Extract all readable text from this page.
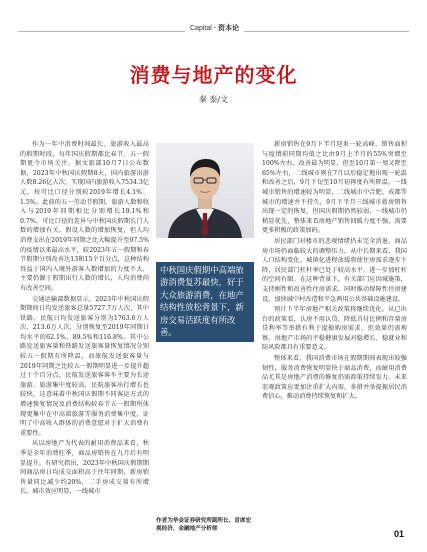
Capital · 资本论
消费与地产的变化
秦 泰/文

作为一年中消费时间最长、旅游收入最高的假期时段，每年国庆假期都比春节、五一假期更令市场关注。据文旅部10月7日公布数据，2023年中秋国庆假期8天，国内旅游出游人数8.26亿人次，实现国内旅游收入7534.3亿元，按可比口径分别较2019年增长4.1%、1.5%。此前的五一劳动节假期，旅游人数和收入与2019年同期相比分别增长19.1%和0.7%，可比口径的差异与中秋国庆假期长门人数的增加有关。假设人数的增加恢复，但人均消费支出在2019年同期之比大幅提升至97.5%的疫情以来最高水平，较2023年五一假期和春节假期分别改善达13和15个百分点，这种结构得益于国内入境外游客人数增加的力度不大，主要仍源于假期出行人数的增长，人均消费尚有改善空间。

交通运输部数据显示，2023年中秋国庆假期期间日均发送旅客总量5727.7万人次，其中铁路、民航日均发送旅客分别为1763.6万人次、213.6万人次，分别恢复至2019年同期日均水平的62.1%、89.5%和116.8%。其中公路发送旅客量和铁路发送旅客量恢复情况分别较五一假期有所降温，而旅航发送旅客量与2019年同期之比较五一假期明显进一步提升超过十个百分点。民航发送旅客客车主要为长途旅游、旅游集中度较高，民航旅客出行增长也较快，这意味着中秋国庆假期不同客运方式的增速恢复情况及消费结构较春节五一假期所体现更集中在中高端旅游等服务消费集中度，证明了中高收入群体的消费意愿对于扩大消费有重要性。

从以房地产为代表的耐用消费品来看，秋季是全年消费旺季，商品房销售在九月后有明显提升。有研究指出，2023年中秋国庆假期期间商品房日均成交面积高于往年同期，新房销售量同比减少约20%，二手房成交量有所增长，城市效应明显，一线城市

中秋国庆假期中高端旅游消费复苏最快，好于大众旅游消费，在地产结构性放松背景下，新房交易活跃度有所改善。
作者为华金证券研究所副所长、首席宏观经济、金融地产分析师

新房销售在9月下半月迎来一轮高峰，销售面积与疫情前同期均值之比由9月上半月的55%突增至100%左右。改善最为明显，但至10月第一周又降至65%左右，二线城市则在7月以后稳定地出现一轮温和改善之后，9月下旬至10月初再度有所降温。一线城市销售的增速较为明显，二线城市中合肥、成都等城市的增速并不持久，9月下半月三线城市新房销售出现一定的恢复，但国庆假期仍然较弱，一线城市仍稍显优先，整体来看房地产销售回暖力度不强，需要更多积极的政策加码。

居民部门对楼市的悲观情绪仍未完全消退，商品房市场仍面临较大的调整压力。从中长期来看，我国人口结构变化、城镇化进程放缓将使住房需求逐步下降，居民部门杠杆率已处于较高水平，进一步加杠杆的空间有限。在这种背景下，有关部门应因城施策，支持刚性和改善性住房需求，同时推动保障性住房建设，加快城中村改造和平急两用公共基础设施建设。

预计下半年房地产相关政策将继续优化。从已出台的政策看，认房不用认贷、降低首付比例和存量房贷利率等举措有利于提振购房需求，但效果仍需观察。房地产市场的平稳健康发展对稳增长、稳就业和防风险都具有重要意义。

整体来看，我国消费市场在假期期间表现出较强韧性，服务消费恢复明显快于商品消费，而耐用消费品尤其是房地产消费的修复仍需政策持续发力。未来宏观政策应更加注重扩大内需，多措并举提振居民消费信心，推动消费持续恢复和扩大。

01
